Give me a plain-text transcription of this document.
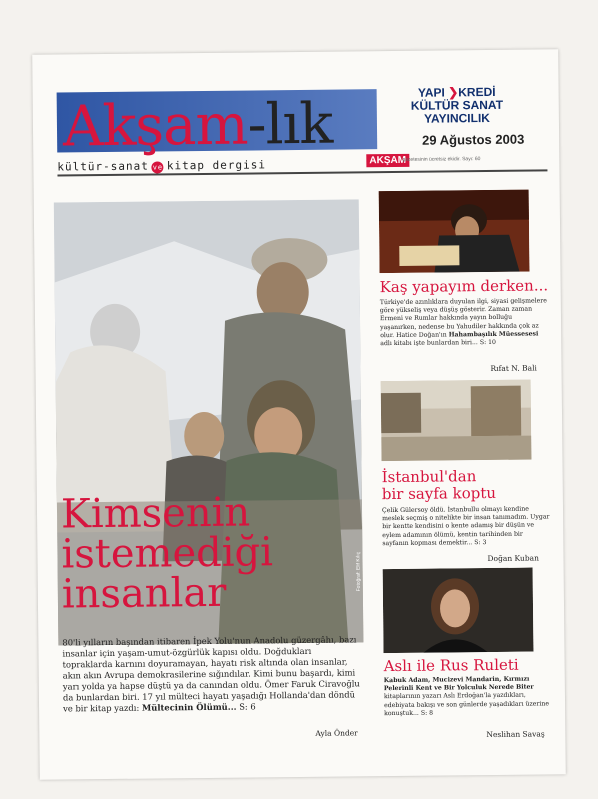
Akşam-lık
kültür-sanat ve kitap dergisi	AKŞAM
gazetesinin ücretsiz ekidir. Sayı: 60
YAPI ❯KREDİ
KÜLTÜR SANAT
YAYINCILIK
29 Ağustos 2003
Fotoğraf: Elif Kılıç
Kimsenin
istemediği
insanlar
80'li yılların başından itibaren İpek Yolu'nun Anadolu güzergâhı, bazı insanlar için yaşam-umut-özgürlük kapısı oldu. Doğdukları topraklarda karnını doyuramayan, hayatı risk altında olan insanlar, akın akın Avrupa demokrasilerine sığındılar. Kimi bunu başardı, kimi yarı yolda ya hapse düştü ya da canından oldu. Ömer Faruk Ciravoğlu da bunlardan biri. 17 yıl mülteci hayatı yaşadığı Hollanda'dan döndü ve bir kitap yazdı: Mültecinin Ölümü... S: 6
Ayla Önder
Kaş yapayım derken...
Türkiye'de azınlıklara duyulan ilgi, siyasi gelişmelere göre yükseliş veya düşüş gösterir. Zaman zaman Ermeni ve Rumlar hakkında yayın bolluğu yaşanırken, nedense bu Yahudiler hakkında çok az olur. Hatice Doğan'ın Hahambaşılık Müessesesi adlı kitabı işte bunlardan biri... S: 10
Rıfat N. Bali
İstanbul'dan
bir sayfa koptu
Çelik Gülersoy öldü. İstanbullu olmayı kendine meslek seçmiş o nitelikte bir insan tanımadım. Uygar bir kentte kendisini o kente adamış bir düşün ve eylem adamının ölümü, kentin tarihinden bir sayfanın kopması demektir... S: 3
Doğan Kuban
Aslı ile Rus Ruleti
Kabuk Adam, Mucizevi Mandarin, Kırmızı Pelerinli Kent ve Bir Yolculuk Nerede Biter kitaplarının yazarı Aslı Erdoğan'la yazdıkları, edebiyata bakışı ve son günlerde yaşadıkları üzerine konuştuk... S: 8
Neslihan Savaş
